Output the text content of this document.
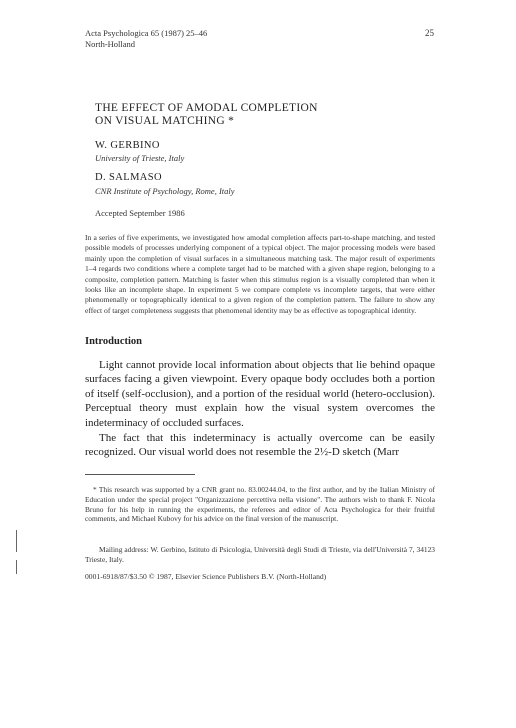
Acta Psychologica 65 (1987) 25–46
North-Holland
25
THE EFFECT OF AMODAL COMPLETION
ON VISUAL MATCHING *
W. GERBINO
University of Trieste, Italy
D. SALMASO
CNR Institute of Psychology, Rome, Italy
Accepted September 1986
In a series of five experiments, we investigated how amodal completion affects part-to-shape matching, and tested possible models of processes underlying component of a typical object. The major processing models were based mainly upon the completion of visual surfaces in a simultaneous matching task. The major result of experiments 1–4 regards two conditions where a complete target had to be matched with a given shape region, belonging to a composite, completion pattern. Matching is faster when this stimulus region is a visually completed than when it looks like an incomplete shape. In experiment 5 we compare complete vs incomplete targets, that were either phenomenally or topographically identical to a given region of the completion pattern. The failure to show any effect of target completeness suggests that phenomenal identity may be as effective as topographical identity.
Introduction
Light cannot provide local information about objects that lie behind opaque surfaces facing a given viewpoint. Every opaque body occludes both a portion of itself (self-occlusion), and a portion of the residual world (hetero-occlusion). Perceptual theory must explain how the visual system overcomes the indeterminacy of occluded surfaces.
The fact that this indeterminacy is actually overcome can be easily recognized. Our visual world does not resemble the 2½-D sketch (Marr
* This research was supported by a CNR grant no. 83.00244.04, to the first author, and by the Italian Ministry of Education under the special project "Organizzazione percettiva nella visione". The authors wish to thank F. Nicola Bruno for his help in running the experiments, the referees and editor of Acta Psychologica for their fruitful comments, and Michael Kubovy for his advice on the final version of the manuscript.
Mailing address: W. Gerbino, Istituto di Psicologia, Università degli Studi di Trieste, via dell'Università 7, 34123 Trieste, Italy.
0001-6918/87/$3.50 © 1987, Elsevier Science Publishers B.V. (North-Holland)
